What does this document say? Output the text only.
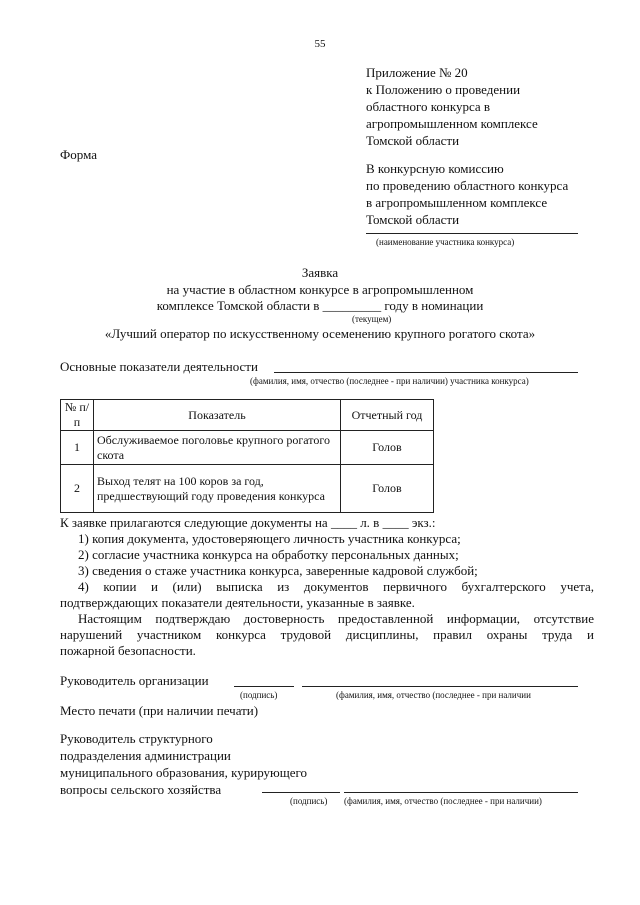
55
Приложение № 20
к Положению о проведении
областного конкурса в
агропромышленном комплексе
Томской области
Форма
В конкурсную комиссию
по проведению областного конкурса
в агропромышленном комплексе
Томской области
(наименование участника конкурса)
Заявка
на участие в областном конкурсе в агропромышленном
комплексе Томской области в _________ году в номинации
(текущем)
«Лучший оператор по искусственному осеменению крупного рогатого скота»
Основные показатели деятельности
(фамилия, имя, отчество (последнее - при наличии) участника конкурса)
№ п/п	Показатель	Отчетный год
1	Обслуживаемое поголовье крупного рогатого скота	Голов
2	Выход телят на 100 коров за год, предшествующий году проведения конкурса	Голов
К заявке прилагаются следующие документы на ____ л. в ____ экз.:
1) копия документа, удостоверяющего личность участника конкурса;
2) согласие участника конкурса на обработку персональных данных;
3) сведения о стаже участника конкурса, заверенные кадровой службой;
4) копии и (или) выписка из документов первичного бухгалтерского учета,
подтверждающих показатели деятельности, указанные в заявке.
Настоящим подтверждаю достоверность предоставленной информации, отсутствие
нарушений участником конкурса трудовой дисциплины, правил охраны труда и
пожарной безопасности.
Руководитель организации
(подпись)	(фамилия, имя, отчество (последнее - при наличии
Место печати (при наличии печати)
Руководитель структурного
подразделения администрации
муниципального образования, курирующего
вопросы сельского хозяйства
(подпись) (фамилия, имя, отчество (последнее - при наличии)
